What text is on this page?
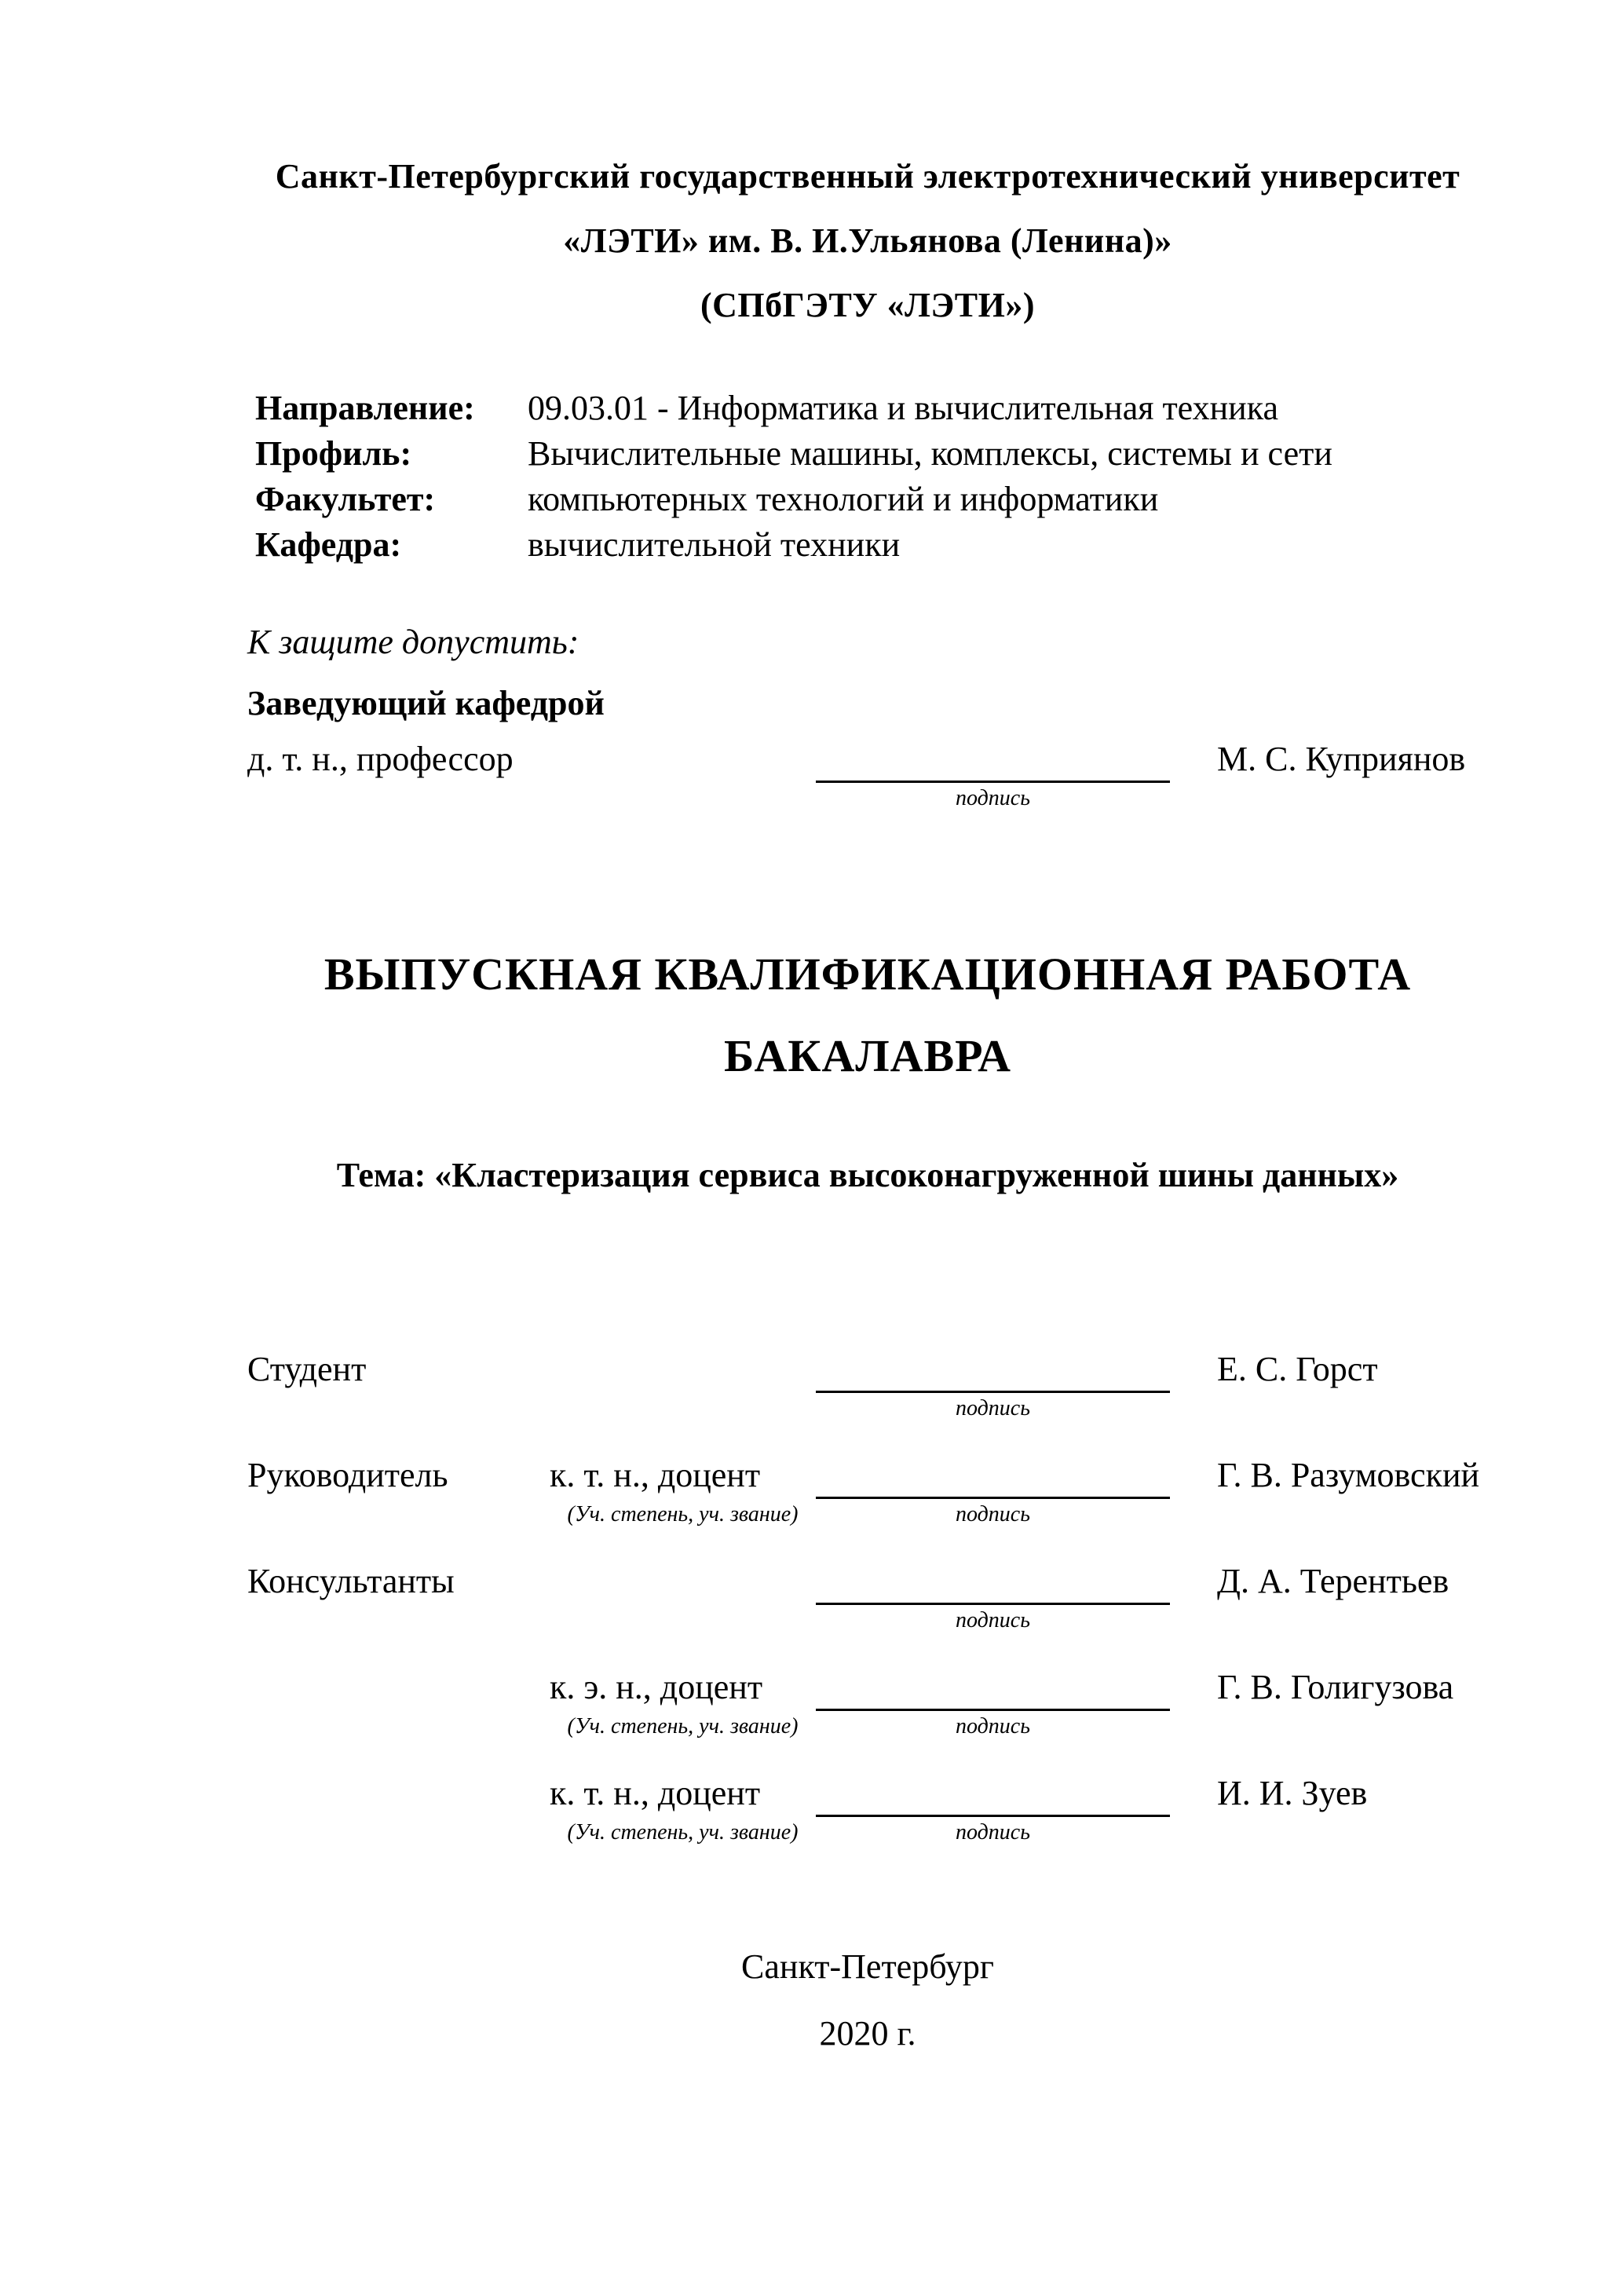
Санкт-Петербургский государственный электротехнический университет
«ЛЭТИ» им. В. И.Ульянова (Ленина)»
(СПбГЭТУ «ЛЭТИ»)
Направление:	09.03.01 - Информатика и вычислительная техника
Профиль:	Вычислительные машины, комплексы, системы и сети
Факультет:	компьютерных технологий и информатики
Кафедра:	вычислительной техники
К защите допустить:
Заведующий кафедрой
д. т. н., профессор	М. С. Куприянов
подпись
ВЫПУСКНАЯ КВАЛИФИКАЦИОННАЯ РАБОТА
БАКАЛАВРА
Тема: «Кластеризация сервиса высоконагруженной шины данных»
Студент	Е. С. Горст
подпись
Руководитель	к. т. н., доцент	Г. В. Разумовский
(Уч. степень, уч. звание)	подпись
Консультанты	Д. А. Терентьев
подпись
к. э. н., доцент	Г. В. Голигузова
(Уч. степень, уч. звание)	подпись
к. т. н., доцент	И. И. Зуев
(Уч. степень, уч. звание)	подпись
Санкт-Петербург
2020 г.
